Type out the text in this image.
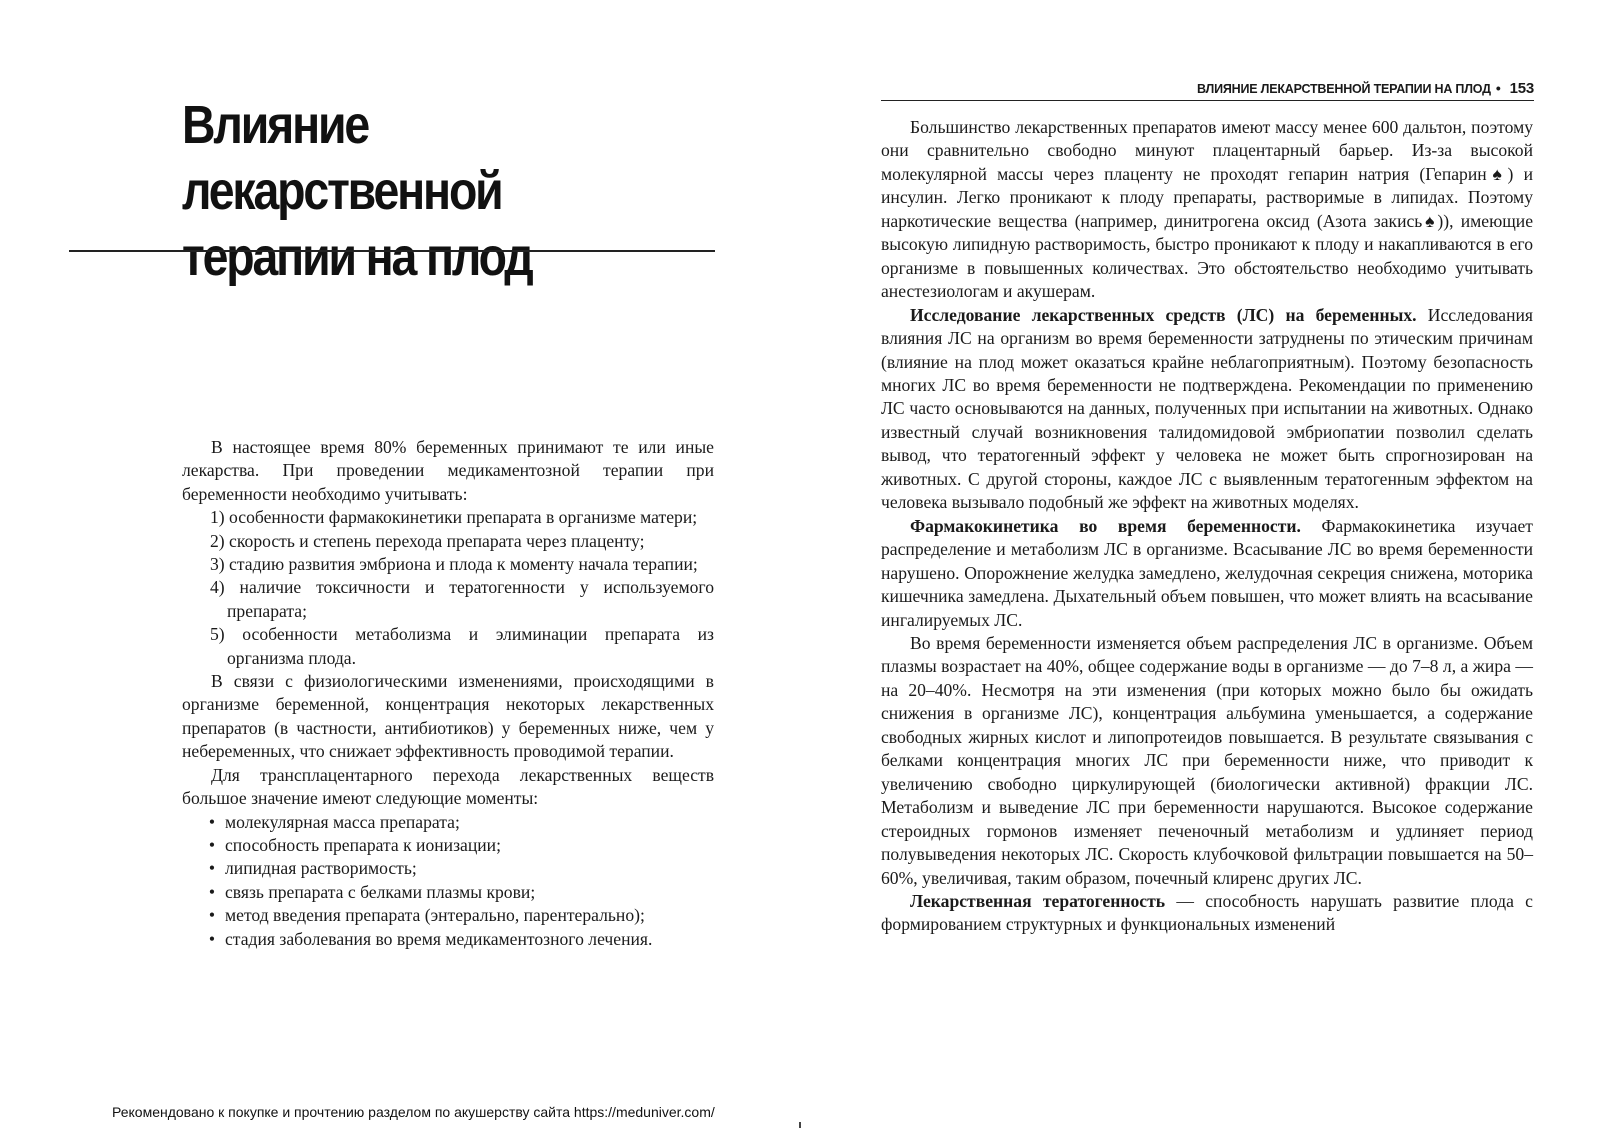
Влияние лекарственной
терапии на плод

В настоящее время 80% беременных принимают те или иные лекарства. При проведении медикаментозной терапии при беременности необходимо учитывать:

1) особенности фармакокинетики препарата в организме матери;
2) скорость и степень перехода препарата через плаценту;
3) стадию развития эмбриона и плода к моменту начала терапии;
4) наличие токсичности и тератогенности у используемого препарата;
5) особенности метаболизма и элиминации препарата из организма плода.

В связи с физиологическими изменениями, происходящими в организме беременной, концентрация некоторых лекарственных препаратов (в частности, антибиотиков) у беременных ниже, чем у небеременных, что снижает эффективность проводимой терапии.

Для трансплацентарного перехода лекарственных веществ большое значение имеют следующие моменты:

• молекулярная масса препарата;
• способность препарата к ионизации;
• липидная растворимость;
• связь препарата с белками плазмы крови;
• метод введения препарата (энтерально, парентерально);
• стадия заболевания во время медикаментозного лечения.
ВЛИЯНИЕ ЛЕКАРСТВЕННОЙ ТЕРАПИИ НА ПЛОД • 153

Большинство лекарственных препаратов имеют массу менее 600 дальтон, поэтому они сравнительно свободно минуют плацентарный барьер. Из-за высокой молекулярной массы через плаценту не проходят гепарин натрия (Гепарин♠) и инсулин. Легко проникают к плоду препараты, растворимые в липидах. Поэтому наркотические вещества (например, динитрогена оксид (Азота закись♠)), имеющие высокую липидную растворимость, быстро проникают к плоду и накапливаются в его организме в повышенных количествах. Это обстоятельство необходимо учитывать анестезиологам и акушерам.

Исследование лекарственных средств (ЛС) на беременных. Исследования влияния ЛС на организм во время беременности затруднены по этическим причинам (влияние на плод может оказаться крайне неблагоприятным). Поэтому безопасность многих ЛС во время беременности не подтверждена. Рекомендации по применению ЛС часто основываются на данных, полученных при испытании на животных. Однако известный случай возникновения талидомидовой эмбриопатии позволил сделать вывод, что тератогенный эффект у человека не может быть спрогнозирован на животных. С другой стороны, каждое ЛС с выявленным тератогенным эффектом на человека вызывало подобный же эффект на животных моделях.

Фармакокинетика во время беременности. Фармакокинетика изучает распределение и метаболизм ЛС в организме. Всасывание ЛС во время беременности нарушено. Опорожнение желудка замедлено, желудочная секреция снижена, моторика кишечника замедлена. Дыхательный объем повышен, что может влиять на всасывание ингалируемых ЛС.

Во время беременности изменяется объем распределения ЛС в организме. Объем плазмы возрастает на 40%, общее содержание воды в организме — до 7–8 л, а жира — на 20–40%. Несмотря на эти изменения (при которых можно было бы ожидать снижения в организме ЛС), концентрация альбумина уменьшается, а содержание свободных жирных кислот и липопротеидов повышается. В результате связывания с белками концентрация многих ЛС при беременности ниже, что приводит к увеличению свободно циркулирующей (биологически активной) фракции ЛС. Метаболизм и выведение ЛС при беременности нарушаются. Высокое содержание стероидных гормонов изменяет печеночный метаболизм и удлиняет период полувыведения некоторых ЛС. Скорость клубочковой фильтрации повышается на 50–60%, увеличивая, таким образом, почечный клиренс других ЛС.

Лекарственная тератогенность — способность нарушать развитие плода с формированием структурных и функциональных изменений

Рекомендовано к покупке и прочтению разделом по акушерству сайта https://meduniver.com/
